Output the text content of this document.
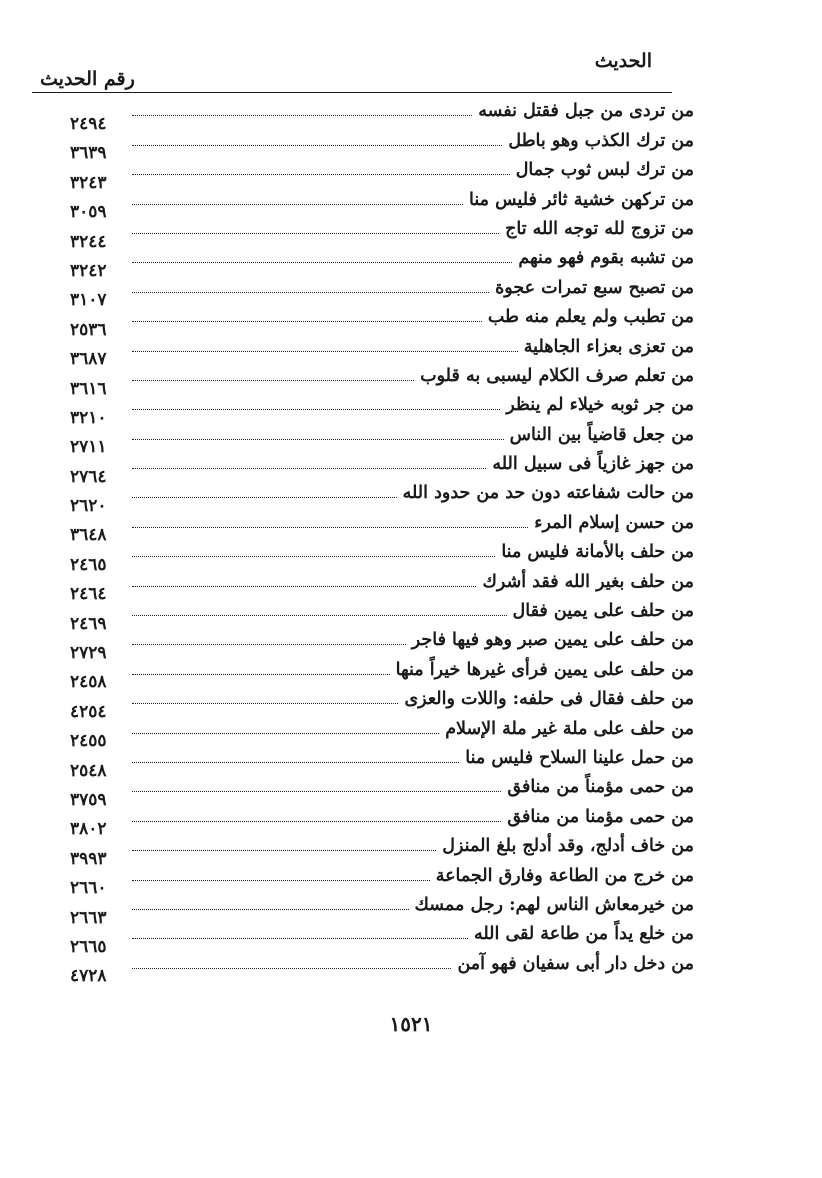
الحديث
رقم الحديث
من تردى من جبل فقتل نفسه
٢٤٩٤
من ترك الكذب وهو باطل
٣٦٣٩
من ترك لبس ثوب جمال
٣٢٤٣
من تركهن خشية ثائر فليس منا
٣٠٥٩
من تزوج لله توجه الله تاج
٣٢٤٤
من تشبه بقوم فهو منهم
٣٢٤٢
من تصبح سبع تمرات عجوة
٣١٠٧
من تطبب ولم يعلم منه طب
٢٥٣٦
من تعزى بعزاء الجاهلية
٣٦٨٧
من تعلم صرف الكلام ليسبى به قلوب
٣٦١٦
من جر ثوبه خيلاء لم ينظر
٣٢١٠
من جعل قاضياً بين الناس
٢٧١١
من جهز غازياً فى سبيل الله
٢٧٦٤
من حالت شفاعته دون حد من حدود الله
٢٦٢٠
من حسن إسلام المرء
٣٦٤٨
من حلف بالأمانة فليس منا
٢٤٦٥
من حلف بغير الله فقد أشرك
٢٤٦٤
من حلف على يمين فقال
٢٤٦٩
من حلف على يمين صبر وهو فيها فاجر
٢٧٢٩
من حلف على يمين فرأى غيرها خيراً منها
٢٤٥٨
من حلف فقال فى حلفه: واللات والعزى
٤٢٥٤
من حلف على ملة غير ملة الإسلام
٢٤٥٥
من حمل علينا السلاح فليس منا
٢٥٤٨
من حمى مؤمناً من منافق
٣٧٥٩
من حمى مؤمنا من منافق
٣٨٠٢
من خاف أدلج، وقد أدلج بلغ المنزل
٣٩٩٣
من خرج من الطاعة وفارق الجماعة
٢٦٦٠
من خيرمعاش الناس لهم: رجل ممسك
٢٦٦٣
من خلع يداً من طاعة لقى الله
٢٦٦٥
من دخل دار أبى سفيان فهو آمن
٤٧٢٨
١٥٢١
